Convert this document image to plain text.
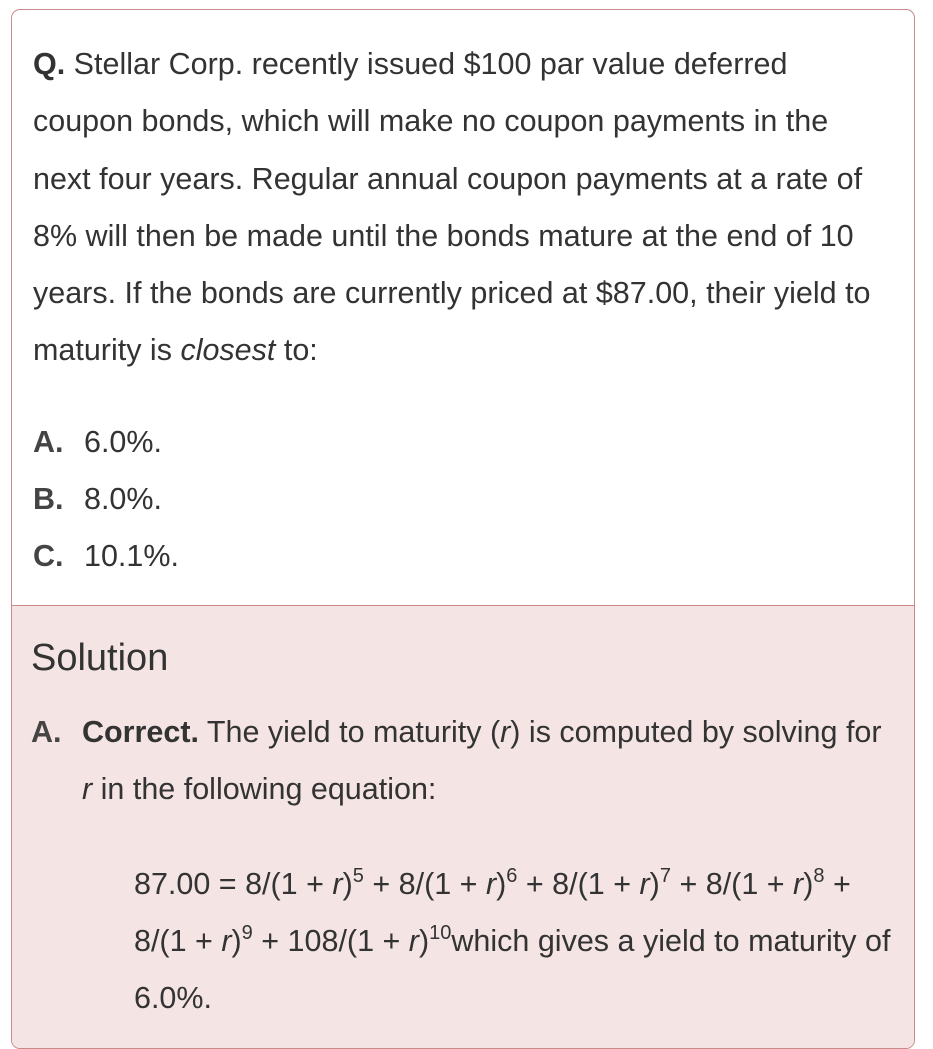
Q. Stellar Corp. recently issued $100 par value deferred coupon bonds, which will make no coupon payments in the next four years. Regular annual coupon payments at a rate of 8% will then be made until the bonds mature at the end of 10 years. If the bonds are currently priced at $87.00, their yield to maturity is closest to:

A. 6.0%.
B. 8.0%.
C. 10.1%.
Solution
A. Correct. The yield to maturity (r) is computed by solving for r in the following equation:
$87.00 = 8/(1 + r)^5 + 8/(1 + r)^6 + 8/(1 + r)^7 + 8/(1 + r)^8 + 8/(1 + r)^9 + 108/(1$ + $r)^{10}which$ gives a yield to maturity of 6.0%.
